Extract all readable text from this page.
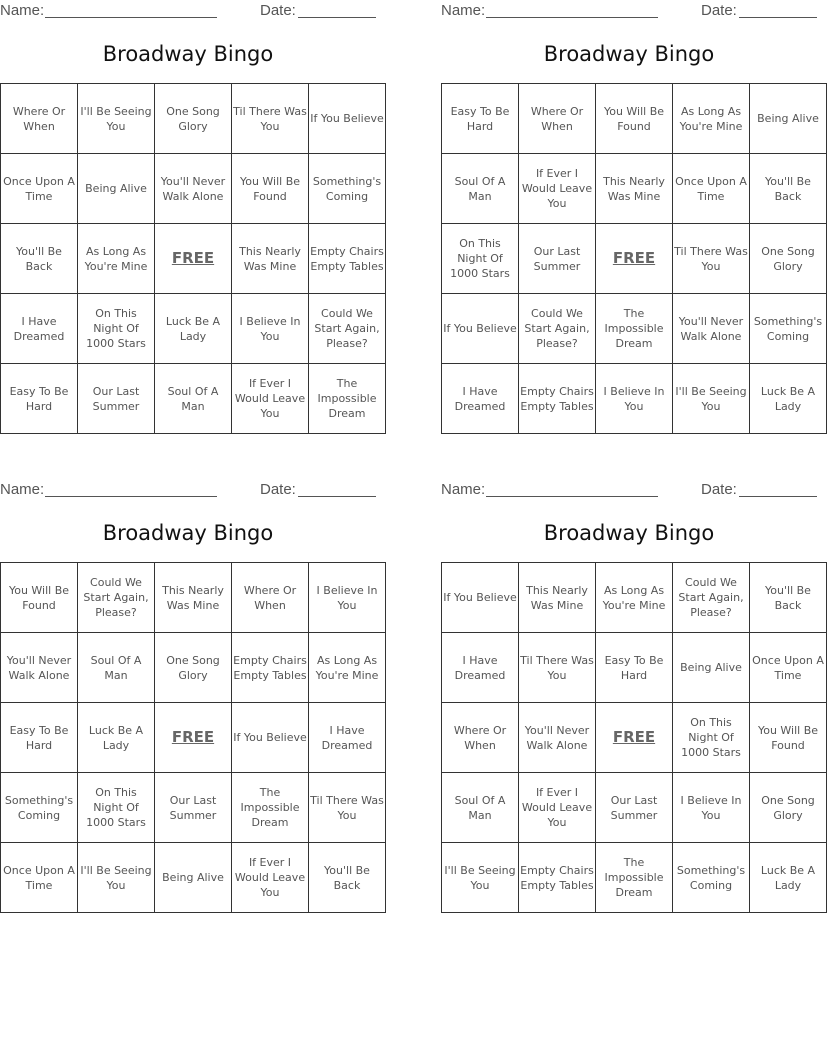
Name:	Date:
Broadway Bingo
Where Or When	I'll Be Seeing You	One Song Glory	Til There Was You	If You Believe
Once Upon A Time	Being Alive	You'll Never Walk Alone	You Will Be Found	Something's Coming
You'll Be Back	As Long As You're Mine	FREE	This Nearly Was Mine	Empty Chairs Empty Tables
I Have Dreamed	On This Night Of 1000 Stars	Luck Be A Lady	I Believe In You	Could We Start Again, Please?
Easy To Be Hard	Our Last Summer	Soul Of A Man	If Ever I Would Leave You	The Impossible Dream
Name:	Date:
Broadway Bingo
Easy To Be Hard	Where Or When	You Will Be Found	As Long As You're Mine	Being Alive
Soul Of A Man	If Ever I Would Leave You	This Nearly Was Mine	Once Upon A Time	You'll Be Back
On This Night Of 1000 Stars	Our Last Summer	FREE	Til There Was You	One Song Glory
If You Believe	Could We Start Again, Please?	The Impossible Dream	You'll Never Walk Alone	Something's Coming
I Have Dreamed	Empty Chairs Empty Tables	I Believe In You	I'll Be Seeing You	Luck Be A Lady
Name:	Date:
Broadway Bingo
You Will Be Found	Could We Start Again, Please?	This Nearly Was Mine	Where Or When	I Believe In You
You'll Never Walk Alone	Soul Of A Man	One Song Glory	Empty Chairs Empty Tables	As Long As You're Mine
Easy To Be Hard	Luck Be A Lady	FREE	If You Believe	I Have Dreamed
Something's Coming	On This Night Of 1000 Stars	Our Last Summer	The Impossible Dream	Til There Was You
Once Upon A Time	I'll Be Seeing You	Being Alive	If Ever I Would Leave You	You'll Be Back
Name:	Date:
Broadway Bingo
If You Believe	This Nearly Was Mine	As Long As You're Mine	Could We Start Again, Please?	You'll Be Back
I Have Dreamed	Til There Was You	Easy To Be Hard	Being Alive	Once Upon A Time
Where Or When	You'll Never Walk Alone	FREE	On This Night Of 1000 Stars	You Will Be Found
Soul Of A Man	If Ever I Would Leave You	Our Last Summer	I Believe In You	One Song Glory
I'll Be Seeing You	Empty Chairs Empty Tables	The Impossible Dream	Something's Coming	Luck Be A Lady
